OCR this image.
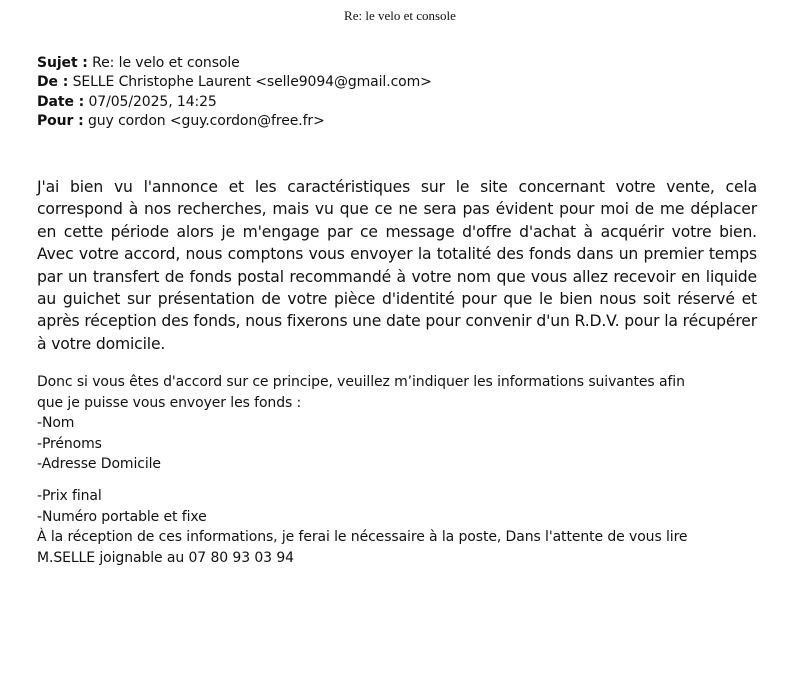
Re: le velo et console
Sujet : Re: le velo et console
De : SELLE Christophe Laurent <selle9094@gmail.com>
Date : 07/05/2025, 14:25
Pour : guy cordon <guy.cordon@free.fr>
J'ai bien vu l'annonce et les caractéristiques sur le site concernant votre vente, cela correspond à nos recherches, mais vu que ce ne sera pas évident pour moi de me déplacer en cette période alors je m'engage par ce message d'offre d'achat à acquérir votre bien. Avec votre accord, nous comptons vous envoyer la totalité des fonds dans un premier temps par un transfert de fonds postal recommandé à votre nom que vous allez recevoir en liquide au guichet sur présentation de votre pièce d'identité pour que le bien nous soit réservé et après réception des fonds, nous fixerons une date pour convenir d'un R.D.V. pour la récupérer à votre domicile.
Donc si vous êtes d'accord sur ce principe, veuillez m’indiquer les informations suivantes afin
que je puisse vous envoyer les fonds :
-Nom
-Prénoms
-Adresse Domicile
-Prix final
-Numéro portable et fixe
À la réception de ces informations, je ferai le nécessaire à la poste, Dans l'attente de vous lire
M.SELLE joignable au 07 80 93 03 94
